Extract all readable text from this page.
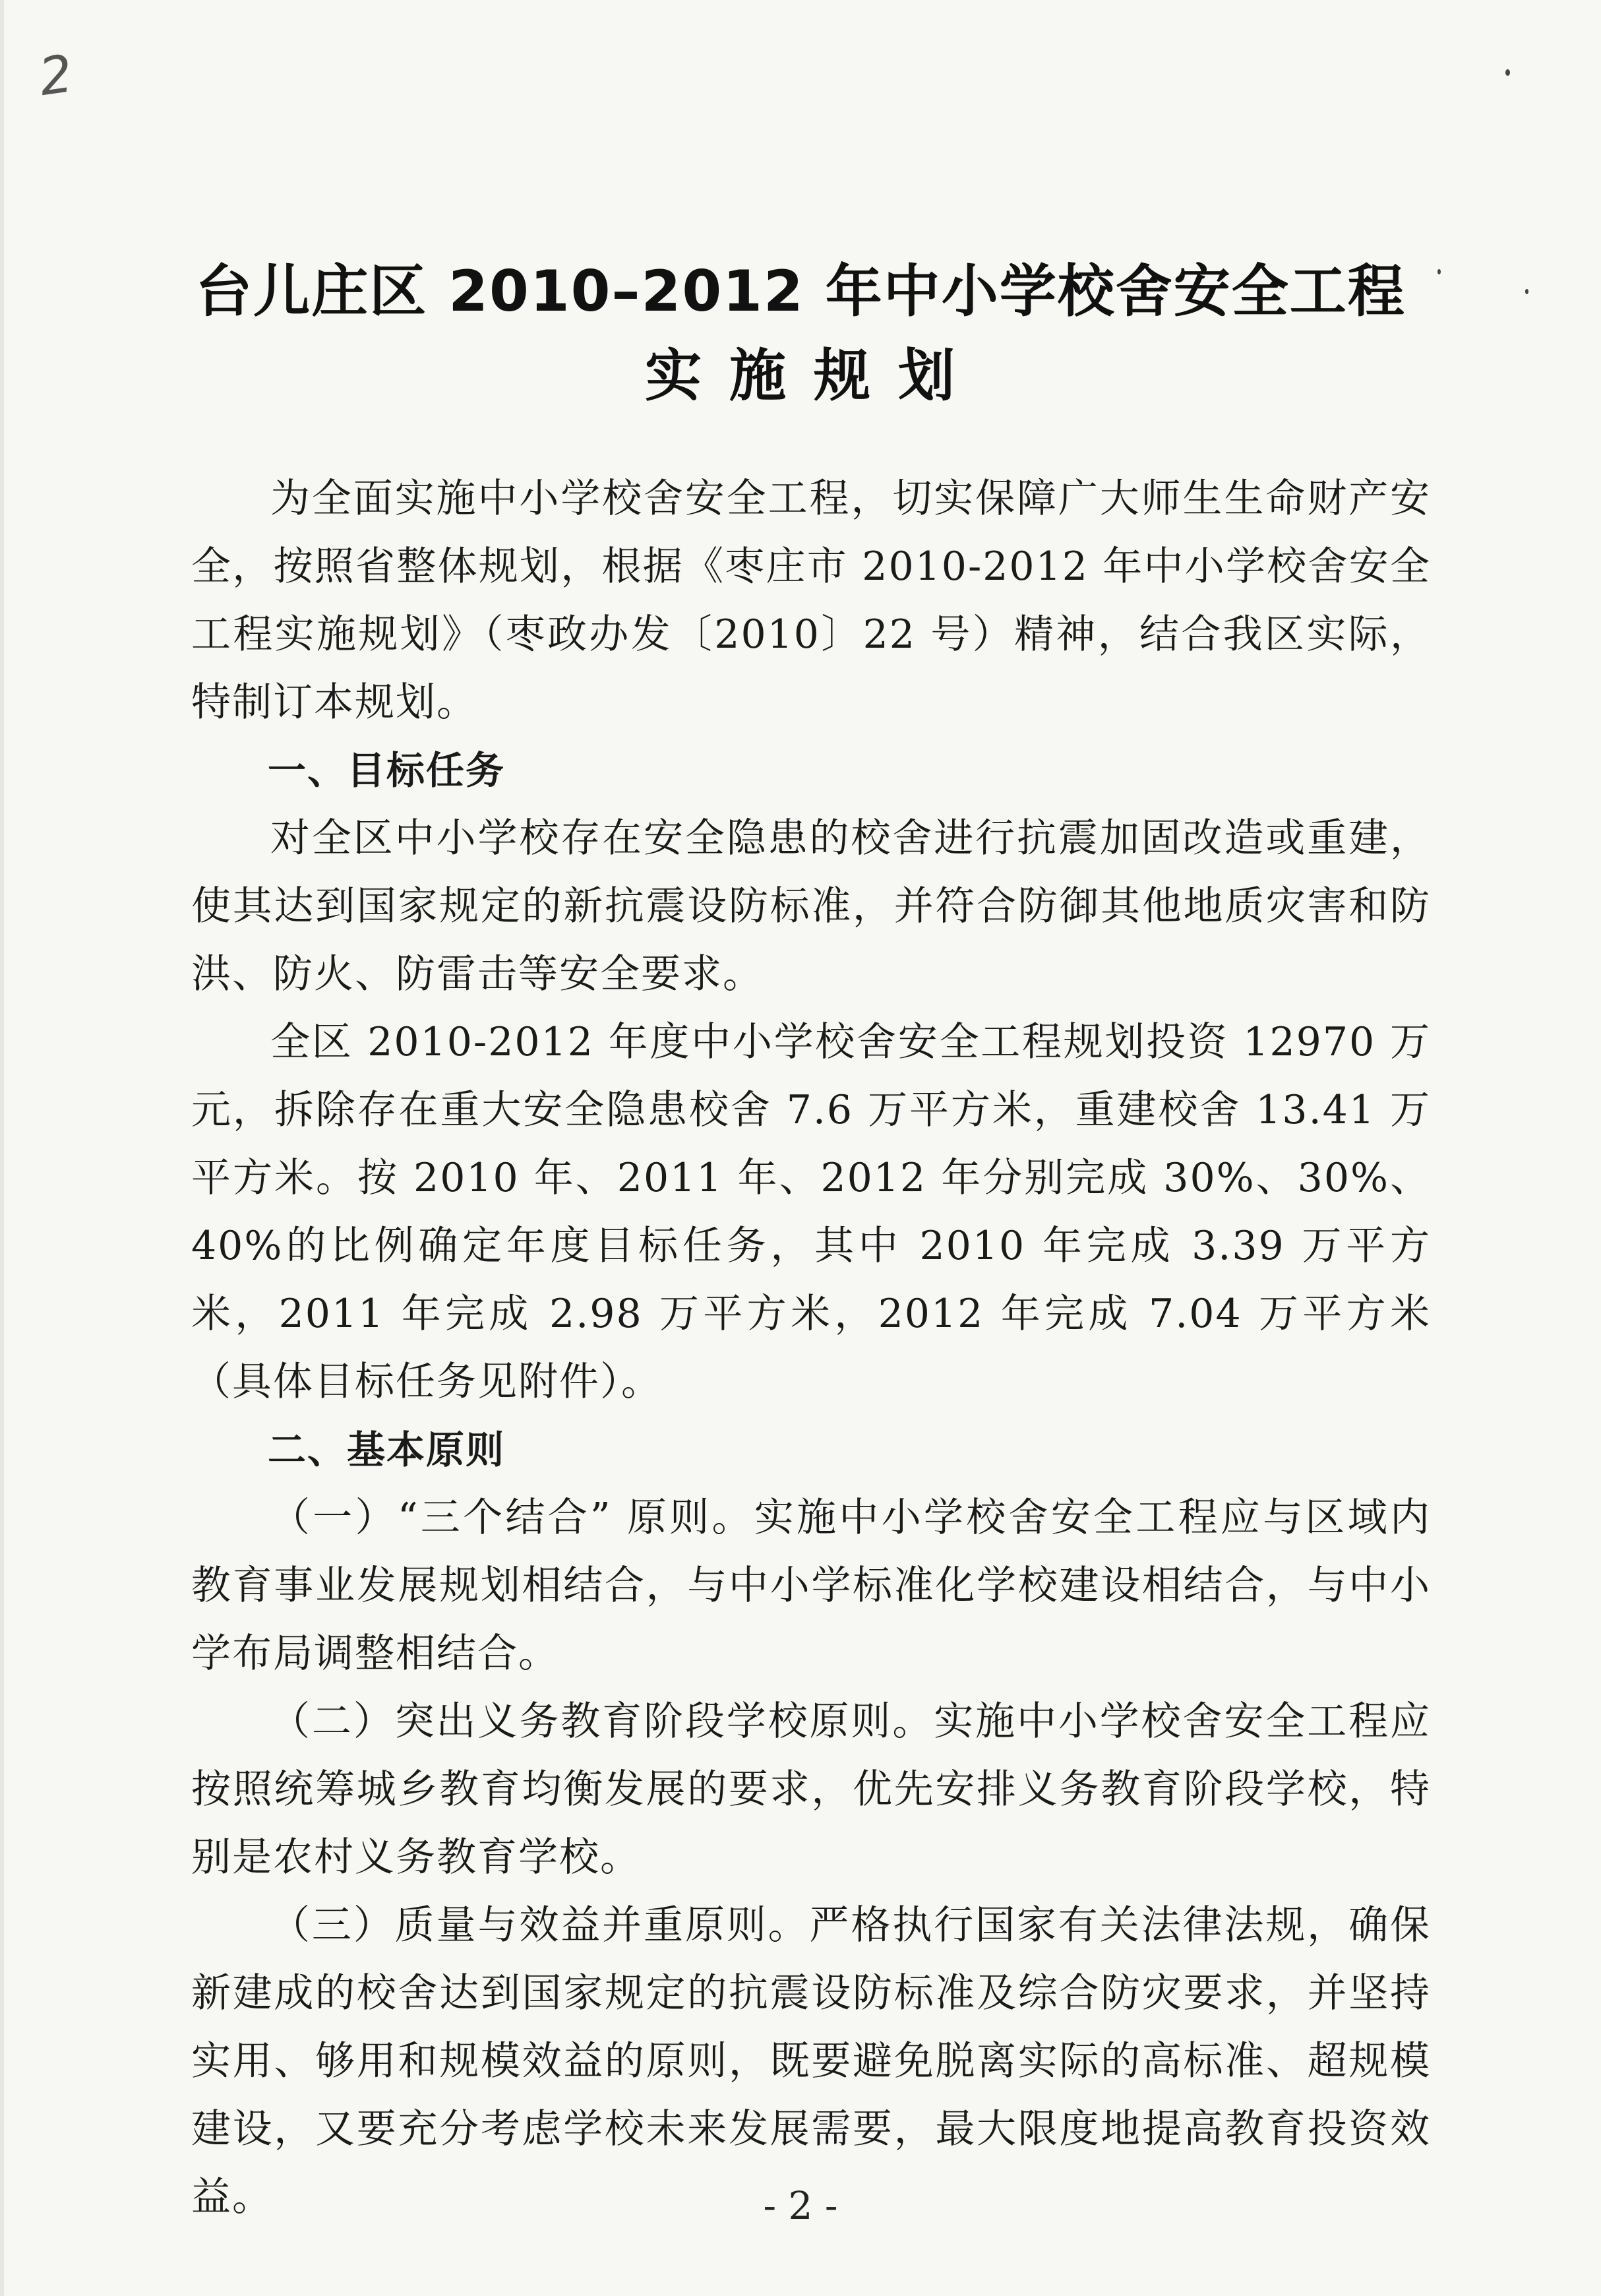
2
台儿庄区 2010–2012 年中小学校舍安全工程
实施规划

为全面实施中小学校舍安全工程，切实保障广大师生生命财产安全，按照省整体规划，根据《枣庄市 2010-2012 年中小学校舍安全工程实施规划》（枣政办发〔2010〕22 号）精神，结合我区实际，特制订本规划。

一、目标任务

对全区中小学校存在安全隐患的校舍进行抗震加固改造或重建，使其达到国家规定的新抗震设防标准，并符合防御其他地质灾害和防洪、防火、防雷击等安全要求。

全区 2010-2012 年度中小学校舍安全工程规划投资 12970 万元，拆除存在重大安全隐患校舍 7.6 万平方米，重建校舍 13.41 万平方米。按 2010 年、2011 年、2012 年分别完成 30%、30%、40%的比例确定年度目标任务，其中 2010 年完成 3.39 万平方米，2011 年完成 2.98 万平方米，2012 年完成 7.04 万平方米（具体目标任务见附件）。

二、基本原则

（一）“三个结合” 原则。实施中小学校舍安全工程应与区域内教育事业发展规划相结合，与中小学标准化学校建设相结合，与中小学布局调整相结合。

（二）突出义务教育阶段学校原则。实施中小学校舍安全工程应按照统筹城乡教育均衡发展的要求，优先安排义务教育阶段学校，特别是农村义务教育学校。

（三）质量与效益并重原则。严格执行国家有关法律法规，确保新建成的校舍达到国家规定的抗震设防标准及综合防灾要求，并坚持实用、够用和规模效益的原则，既要避免脱离实际的高标准、超规模建设，又要充分考虑学校未来发展需要，最大限度地提高教育投资效益。	- 2 -
